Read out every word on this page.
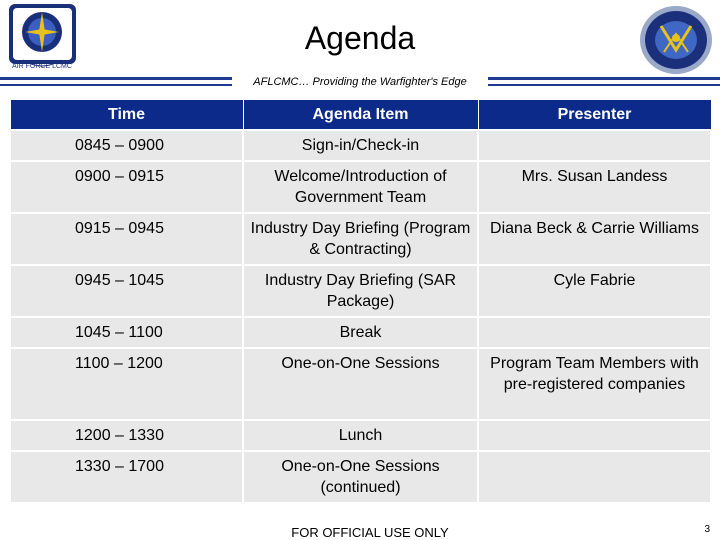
AIR FORCE LCMC
Agenda
AFLCMC… Providing the Warfighter's Edge
Time	Agenda Item	Presenter
0845 – 0900	Sign-in/Check-in	
0900 – 0915	Welcome/Introduction of Government Team	Mrs. Susan Landess
0915 – 0945	Industry Day Briefing (Program & Contracting)	Diana Beck & Carrie Williams
0945 – 1045	Industry Day Briefing (SAR Package)	Cyle Fabrie
1045 – 1100	Break	
1100 – 1200	One-on-One Sessions	Program Team Members with pre-registered companies
1200 – 1330	Lunch	
1330 – 1700	One-on-One Sessions (continued)	
FOR OFFICIAL USE ONLY	3
